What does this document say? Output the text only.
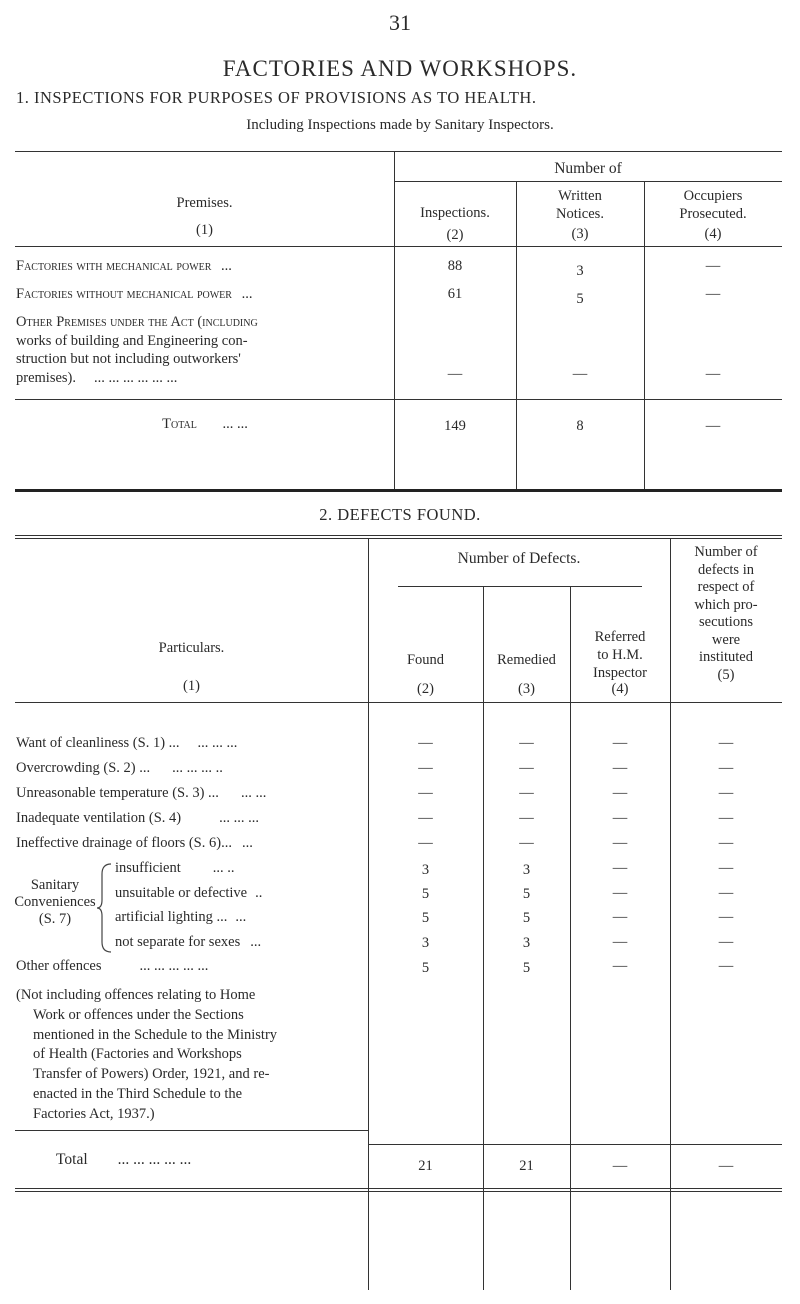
31
FACTORIES AND WORKSHOPS.
1. INSPECTIONS FOR PURPOSES OF PROVISIONS AS TO HEALTH.
Including Inspections made by Sanitary Inspectors.
Number of
Premises.
(1)
Inspections.
(2)
Written
Notices.
(3)
Occupiers
Prosecuted.
(4)
Factories with mechanical power ...	88	3	—
Factories without mechanical power ...	61	5	—
Other Premises under the Act (including
works of building and Engineering con-
struction but not including outworkers'
premises). ... ... ... ... ... ...	—	—	—
Total ... ...	149	8	—
2. DEFECTS FOUND.
Number of Defects.
Particulars.
(1)
Found
(2)
Remedied
(3)
Referred
to H.M.
Inspector
(4)
Number of
defects in
respect of
which pro-
secutions
were
instituted
(5)
Want of cleanliness (S. 1) ... ... ... ...	—	—	—	—
Overcrowding (S. 2) ... ... ... ... ..	—	—	—	—
Unreasonable temperature (S. 3) ... ... ...	—	—	—	—
Inadequate ventilation (S. 4)	... ... ...	—	—	—	—
Ineffective drainage of floors (S. 6)... ...	—	—	—	—
Sanitary
Conveniences
(S. 7)
insufficient ... ..	3	3	—	—
unsuitable or defective ..	5	5	—	—
artificial lighting ... ...	5	5	—	—
not separate for sexes ...	3	3	—	—
Other offences	... ... ... ... ...	5	5	—	—
(Not including offences relating to Home
Work or offences under the Sections
mentioned in the Schedule to the Ministry
of Health (Factories and Workshops
Transfer of Powers) Order, 1921, and re-
enacted in the Third Schedule to the
Factories Act, 1937.)
Total ... ... ... ... ...	21	21	—	—
